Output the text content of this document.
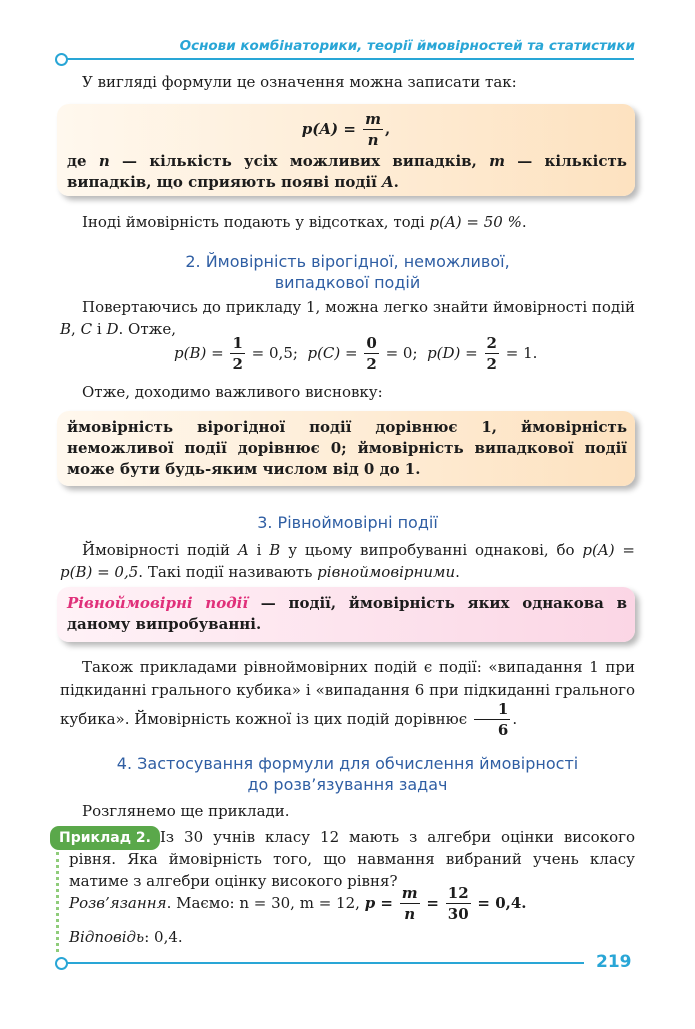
Основи комбінаторики, теорії ймовірностей та статистики
У вигляді формули це означення можна записати так:
$p(A) = \frac{m}{n}$ ,
де n — кількість усіх можливих випадків, m — кількість випадків, що сприяють появі події A.
Іноді ймовірність подають у відсотках, тоді p(A) = 50 %.
2. Ймовірність вірогідної, неможливої,
випадкової подій
Повертаючись до прикладу 1, можна легко знайти ймовірності подій B, C і D. Отже,
$p(B) = \frac{1}{2} = 0,5$; $p(C) = \frac{0}{2} = 0$; $p(D) = \frac{2}{2} = 1$.
Отже, доходимо важливого висновку:
ймовірність вірогідної події дорівнює 1, ймовірність неможливої події дорівнює 0; ймовірність випадкової події може бути будь-яким числом від 0 до 1.
3. Рівноймовірні події
Ймовірності подій A і B у цьому випробуванні однакові, бо p(A) = p(B) = 0,5. Такі події називають рівноймовірними.
Рівноймовірні події — події, ймовірність яких однакова в даному випробуванні.
Також прикладами рівноймовірних подій є події: «випадання 1 при підкиданні грального кубика» і «випадання 6 при підкиданні грального кубика». Ймовірність кожної із цих подій дорівнює $\frac{1}{6}$ .
4. Застосування формули для обчислення ймовірності
до розв’язування задач
Розглянемо ще приклади.
Приклад 2. Із 30 учнів класу 12 мають з алгебри оцінки високого рівня. Яка ймовірність того, що навмання вибраний учень класу матиме з алгебри оцінку високого рівня?
Розв’язання. Маємо: n = 30, m = 12, $p = \frac{m}{n} = \frac{12}{30} = 0,4$.
Відповідь: 0,4.
219
